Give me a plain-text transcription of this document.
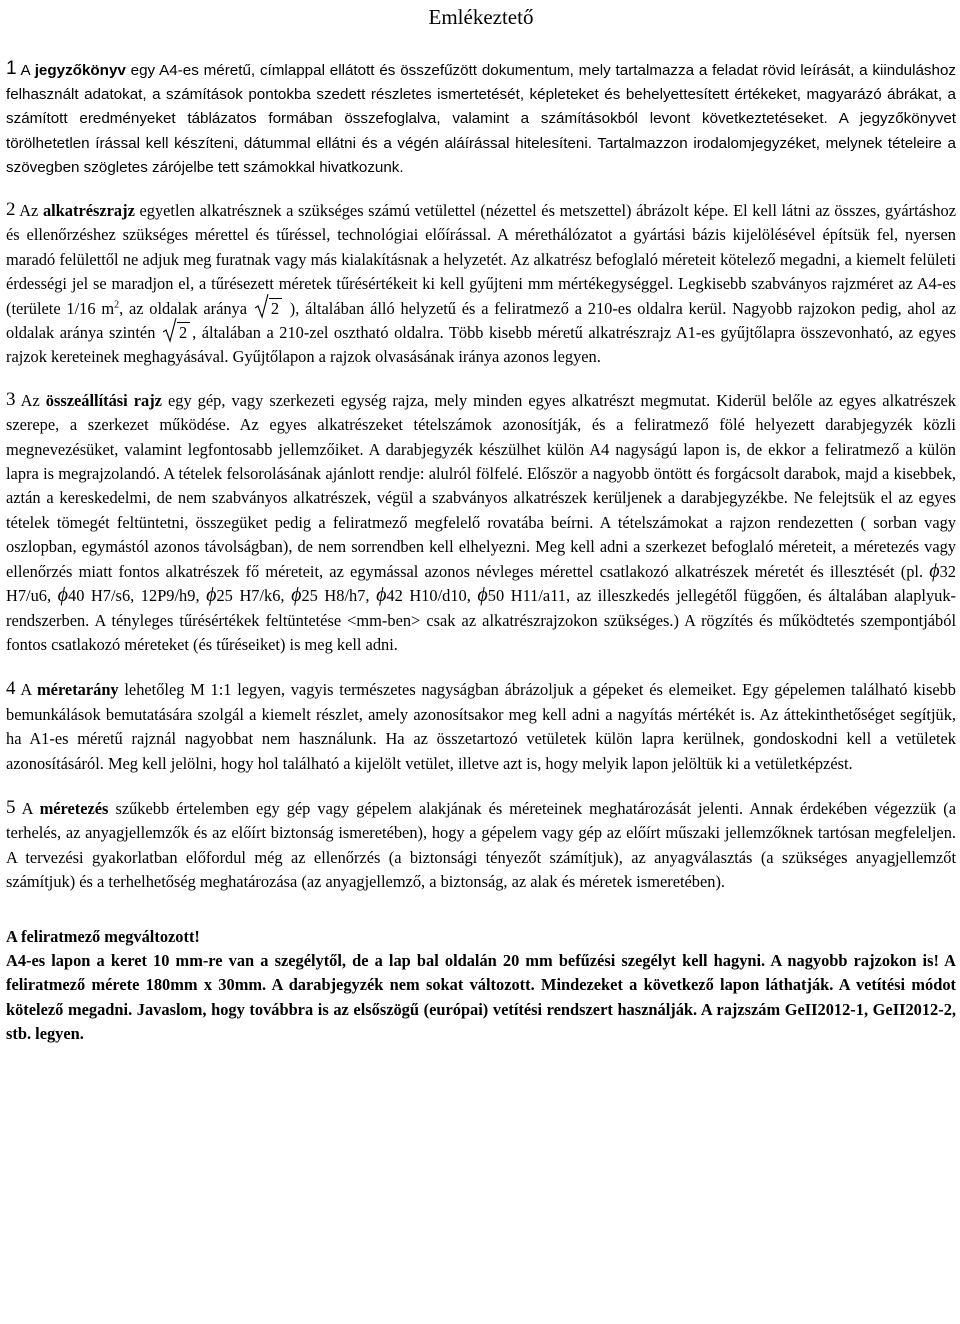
Emlékeztető

1 A jegyzőkönyv egy A4-es méretű, címlappal ellátott és összefűzött dokumentum, mely tartalmazza a feladat rövid leírását, a kiinduláshoz felhasznált adatokat, a számítások pontokba szedett részletes ismertetését, képleteket és behelyettesített értékeket, magyarázó ábrákat, a számított eredményeket táblázatos formában összefoglalva, valamint a számításokból levont következtetéseket. A jegyzőkönyvet törölhetetlen írással kell készíteni, dátummal ellátni és a végén aláírással hitelesíteni. Tartalmazzon irodalomjegyzéket, melynek tételeire a szövegben szögletes zárójelbe tett számokkal hivatkozunk.

2 Az alkatrészrajz egyetlen alkatrésznek a szükséges számú vetülettel (nézettel és metszettel) ábrázolt képe. El kell látni az összes, gyártáshoz és ellenőrzéshez szükséges mérettel és tűréssel, technológiai előírással. A mérethálózatot a gyártási bázis kijelölésével építsük fel, nyersen maradó felülettől ne adjuk meg furatnak vagy más kialakításnak a helyzetét. Az alkatrész befoglaló méreteit kötelező megadni, a kiemelt felületi érdességi jel se maradjon el, a tűrésezett méretek tűrésértékeit ki kell gyűjteni mm mértékegységgel. Legkisebb szabványos rajzméret az A4-es (területe 1/16 $m^2$, az oldalak aránya
2 ), általában álló helyzetű és a feliratmező a 210-es oldalra kerül. Nagyobb rajzokon pedig, ahol az oldalak aránya szintén
2 , általában a 210-zel osztható oldalra. Több kisebb méretű alkatrészrajz A1-es gyűjtőlapra összevonható, az egyes rajzok kereteinek meghagyásával. Gyűjtőlapon a rajzok olvasásának iránya azonos legyen.

3 Az összeállítási rajz egy gép, vagy szerkezeti egység rajza, mely minden egyes alkatrészt megmutat. Kiderül belőle az egyes alkatrészek szerepe, a szerkezet működése. Az egyes alkatrészeket tételszámok azonosítják, és a feliratmező fölé helyezett darabjegyzék közli megnevezésüket, valamint legfontosabb jellemzőiket. A darabjegyzék készülhet külön A4 nagyságú lapon is, de ekkor a feliratmező a külön lapra is megrajzolandó. A tételek felsorolásának ajánlott rendje: alulról fölfelé. Először a nagyobb öntött és forgácsolt darabok, majd a kisebbek, aztán a kereskedelmi, de nem szabványos alkatrészek, végül a szabványos alkatrészek kerüljenek a darabjegyzékbe. Ne felejtsük el az egyes tételek tömegét feltüntetni, összegüket pedig a feliratmező megfelelő rovatába beírni. A tételszámokat a rajzon rendezetten ( sorban vagy oszlopban, egymástól azonos távolságban), de nem sorrendben kell elhelyezni. Meg kell adni a szerkezet befoglaló méreteit, a méretezés vagy ellenőrzés miatt fontos alkatrészek fő méreteit, az egymással azonos névleges mérettel csatlakozó alkatrészek méretét és illesztését (pl. ϕ32 H7/u6, ϕ40 H7/s6, 12P9/h9, ϕ25 H7/k6, ϕ25 H8/h7, ϕ42 H10/d10, ϕ50 H11/a11, az illeszkedés jellegétől függően, és általában alaplyuk-rendszerben. A tényleges tűrésértékek feltüntetése <mm-ben> csak az alkatrészrajzokon szükséges.) A rögzítés és működtetés szempontjából fontos csatlakozó méreteket (és tűréseiket) is meg kell adni.

4 A méretarány lehetőleg M 1:1 legyen, vagyis természetes nagyságban ábrázoljuk a gépeket és elemeiket. Egy gépelemen található kisebb bemunkálások bemutatására szolgál a kiemelt részlet, amely azonosítsakor meg kell adni a nagyítás mértékét is. Az áttekinthetőséget segítjük, ha A1-es méretű rajznál nagyobbat nem használunk. Ha az összetartozó vetületek külön lapra kerülnek, gondoskodni kell a vetületek azonosításáról. Meg kell jelölni, hogy hol található a kijelölt vetület, illetve azt is, hogy melyik lapon jelöltük ki a vetületképzést.

5 A méretezés szűkebb értelemben egy gép vagy gépelem alakjának és méreteinek meghatározását jelenti. Annak érdekében végezzük (a terhelés, az anyagjellemzők és az előírt biztonság ismeretében), hogy a gépelem vagy gép az előírt műszaki jellemzőknek tartósan megfeleljen. A tervezési gyakorlatban előfordul még az ellenőrzés (a biztonsági tényezőt számítjuk), az anyagválasztás (a szükséges anyagjellemzőt számítjuk) és a terhelhetőség meghatározása (az anyagjellemző, a biztonság, az alak és méretek ismeretében).

A feliratmező megváltozott!
A4-es lapon a keret 10 mm-re van a szegélytől, de a lap bal oldalán 20 mm befűzési szegélyt kell hagyni. A nagyobb rajzokon is! A feliratmező mérete 180mm x 30mm. A darabjegyzék nem sokat változott. Mindezeket a következő lapon láthatják. A vetítési módot kötelező megadni. Javaslom, hogy továbbra is az elsőszögű (európai) vetítési rendszert használják. A rajzszám GeII2012-1, GeII2012-2, stb. legyen.
